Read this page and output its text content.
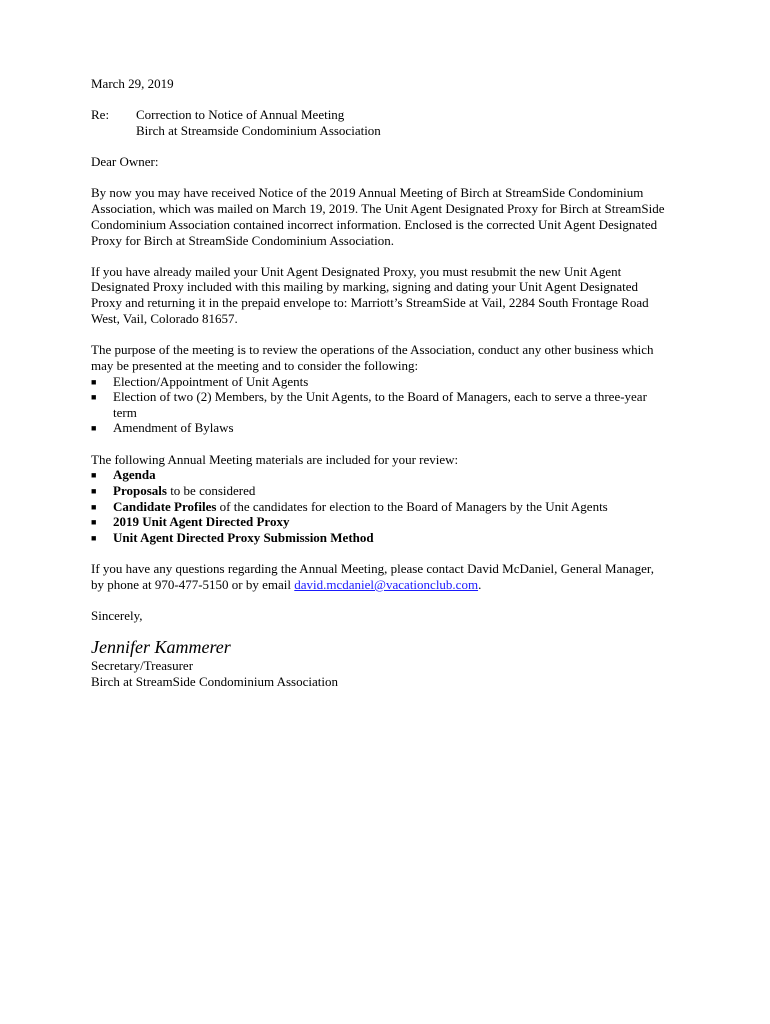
March 29, 2019
Re: Correction to Notice of Annual Meeting
Birch at Streamside Condominium Association
Dear Owner:
By now you may have received Notice of the 2019 Annual Meeting of Birch at StreamSide Condominium
Association, which was mailed on March 19, 2019. The Unit Agent Designated Proxy for Birch at StreamSide
Condominium Association contained incorrect information. Enclosed is the corrected Unit Agent Designated
Proxy for Birch at StreamSide Condominium Association.
If you have already mailed your Unit Agent Designated Proxy, you must resubmit the new Unit Agent
Designated Proxy included with this mailing by marking, signing and dating your Unit Agent Designated
Proxy and returning it in the prepaid envelope to: Marriott’s StreamSide at Vail, 2284 South Frontage Road
West, Vail, Colorado 81657.
The purpose of the meeting is to review the operations of the Association, conduct any other business which
may be presented at the meeting and to consider the following:
■ Election/Appointment of Unit Agents
■ Election of two (2) Members, by the Unit Agents, to the Board of Managers, each to serve a three-year
term
■ Amendment of Bylaws
The following Annual Meeting materials are included for your review:
■ Agenda
■ Proposals to be considered
■ Candidate Profiles of the candidates for election to the Board of Managers by the Unit Agents
■ 2019 Unit Agent Directed Proxy
■ Unit Agent Directed Proxy Submission Method
If you have any questions regarding the Annual Meeting, please contact David McDaniel, General Manager,
by phone at 970-477-5150 or by email david.mcdaniel@vacationclub.com.
Sincerely,
Jennifer Kammerer
Secretary/Treasurer
Birch at StreamSide Condominium Association
